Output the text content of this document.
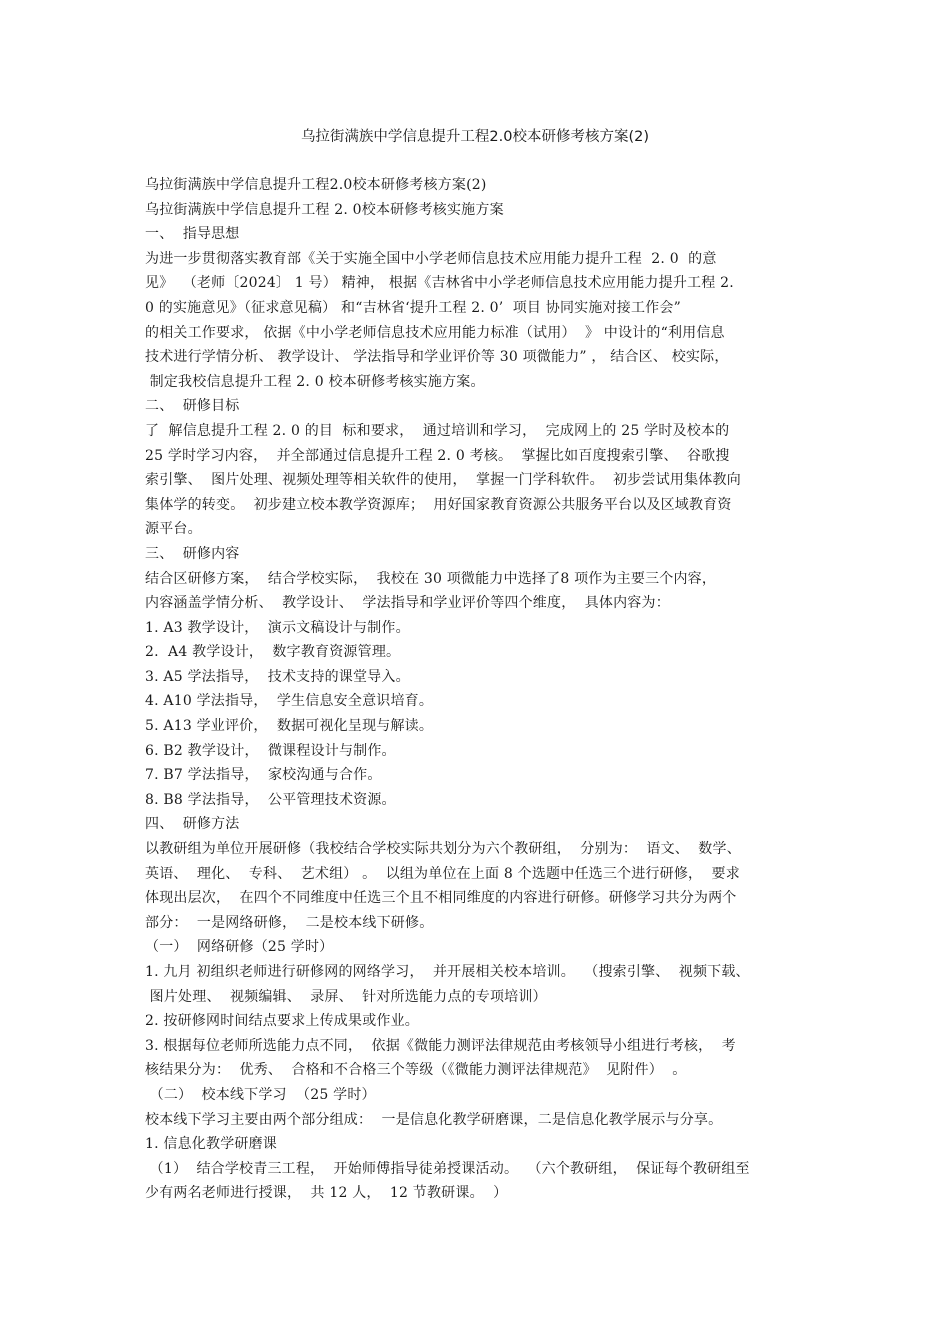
乌拉街满族中学信息提升工程2.0校本研修考核方案(2)
乌拉街满族中学信息提升工程2.0校本研修考核方案(2)
乌拉街满族中学信息提升工程 2. 0校本研修考核实施方案
一、  指导思想
为进一步贯彻落实教育部《关于实施全国中小学老师信息技术应用能力提升工程  2. 0  的意
见》  （老师〔2024〕 1 号） 精神， 根据《吉林省中小学老师信息技术应用能力提升工程 2.
0 的实施意见》（征求意见稿） 和“吉林省‘提升工程 2. 0’  项目 协同实施对接工作会”
的相关工作要求， 依据《中小学老师信息技术应用能力标准（试用）  》 中设计的“利用信息
技术进行学情分析、 教学设计、 学法指导和学业评价等 30 项微能力” ， 结合区、 校实际，
制定我校信息提升工程 2. 0 校本研修考核实施方案。
二、  研修目标
了  解信息提升工程 2. 0 的目  标和要求，  通过培训和学习，  完成网上的 25 学时及校本的
25 学时学习内容，  并全部通过信息提升工程 2. 0 考核。  掌握比如百度搜索引擎、  谷歌搜
索引擎、  图片处理、视频处理等相关软件的使用，  掌握一门学科软件。  初步尝试用集体教向
集体学的转变。  初步建立校本教学资源库；  用好国家教育资源公共服务平台以及区域教育资
源平台。
三、  研修内容
结合区研修方案，  结合学校实际，  我校在 30 项微能力中选择了8 项作为主要三个内容，
内容涵盖学情分析、  教学设计、  学法指导和学业评价等四个维度，  具体内容为：
1. A3 教学设计，  演示文稿设计与制作。
2.  A4 教学设计，  数字教育资源管理。
3. A5 学法指导，  技术支持的课堂导入。
4. A10 学法指导，  学生信息安全意识培育。
5. A13 学业评价，  数据可视化呈现与解读。
6. B2 教学设计，  微课程设计与制作。
7. B7 学法指导，  家校沟通与合作。
8. B8 学法指导，  公平管理技术资源。
四、  研修方法
以教研组为单位开展研修（我校结合学校实际共划分为六个教研组，  分别为：  语文、  数学、
英语、  理化、  专科、  艺术组） 。  以组为单位在上面 8 个选题中任选三个进行研修，  要求
体现出层次，  在四个不同维度中任选三个且不相同维度的内容进行研修。研修学习共分为两个
部分：  一是网络研修，  二是校本线下研修。
（一）  网络研修（25 学时）
1. 九月 初组织老师进行研修网的网络学习，  并开展相关校本培训。  （搜索引擎、  视频下载、
图片处理、  视频编辑、  录屏、  针对所选能力点的专项培训）
2. 按研修网时间结点要求上传成果或作业。
3. 根据每位老师所选能力点不同，  依据《微能力测评法律规范由考核领导小组进行考核，  考
核结果分为：  优秀、  合格和不合格三个等级（《微能力测评法律规范》  见附件）  。
（二）  校本线下学习  （25 学时）
校本线下学习主要由两个部分组成：  一是信息化教学研磨课，二是信息化教学展示与分享。
1. 信息化教学研磨课
（1）  结合学校青三工程，  开始师傅指导徒弟授课活动。  （六个教研组，  保证每个教研组至
少有两名老师进行授课，  共 12 人，  12 节教研课。  ）
